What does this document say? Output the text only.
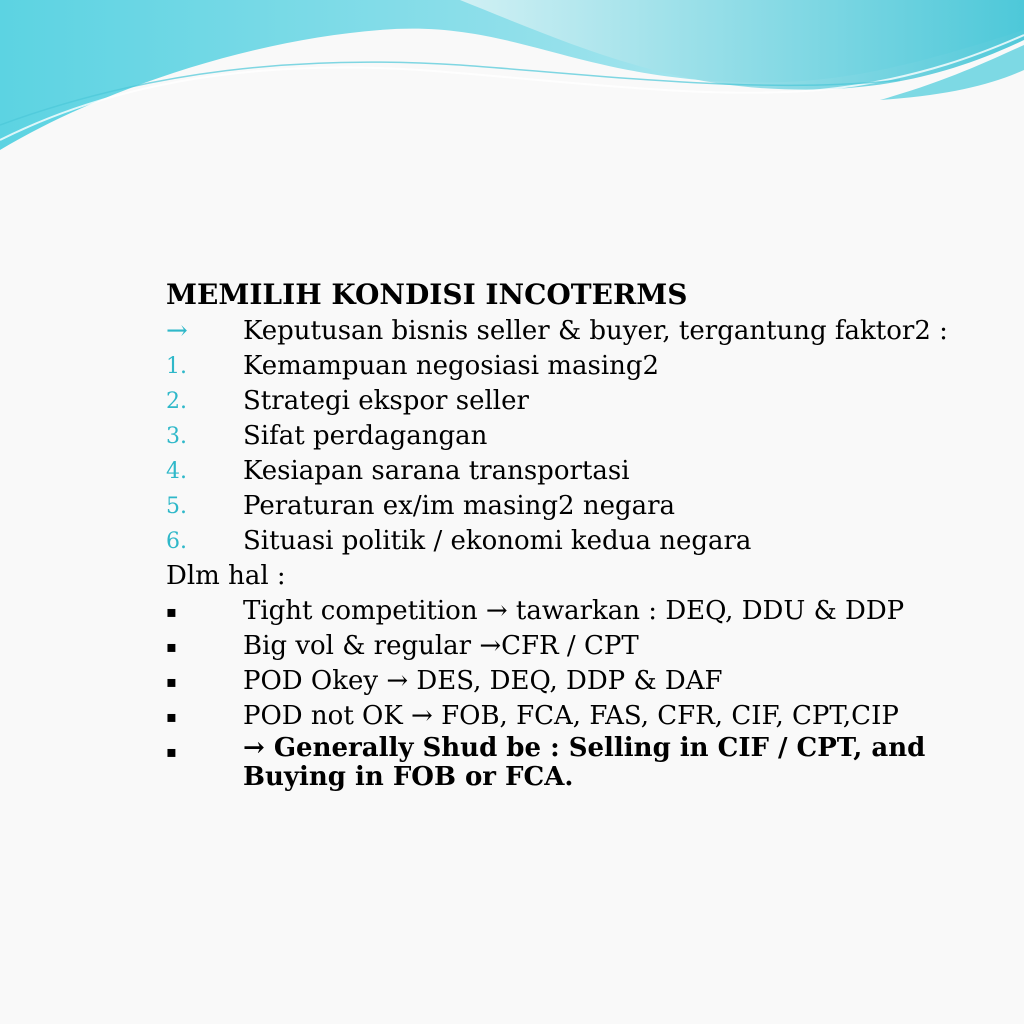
MEMILIH KONDISI INCOTERMS
→	Keputusan bisnis seller & buyer, tergantung faktor2 :
1.	Kemampuan negosiasi masing2
2.	Strategi ekspor seller
3.	Sifat perdagangan
4.	Kesiapan sarana transportasi
5.	Peraturan ex/im masing2 negara
6.	Situasi politik / ekonomi kedua negara
Dlm hal :
▪	Tight competition → tawarkan : DEQ, DDU & DDP
▪	Big vol & regular →CFR / CPT
▪	POD Okey → DES, DEQ, DDP & DAF
▪	POD not OK → FOB, FCA, FAS, CFR, CIF, CPT,CIP
▪	→ Generally Shud be : Selling in CIF / CPT, and Buying in FOB or FCA.
